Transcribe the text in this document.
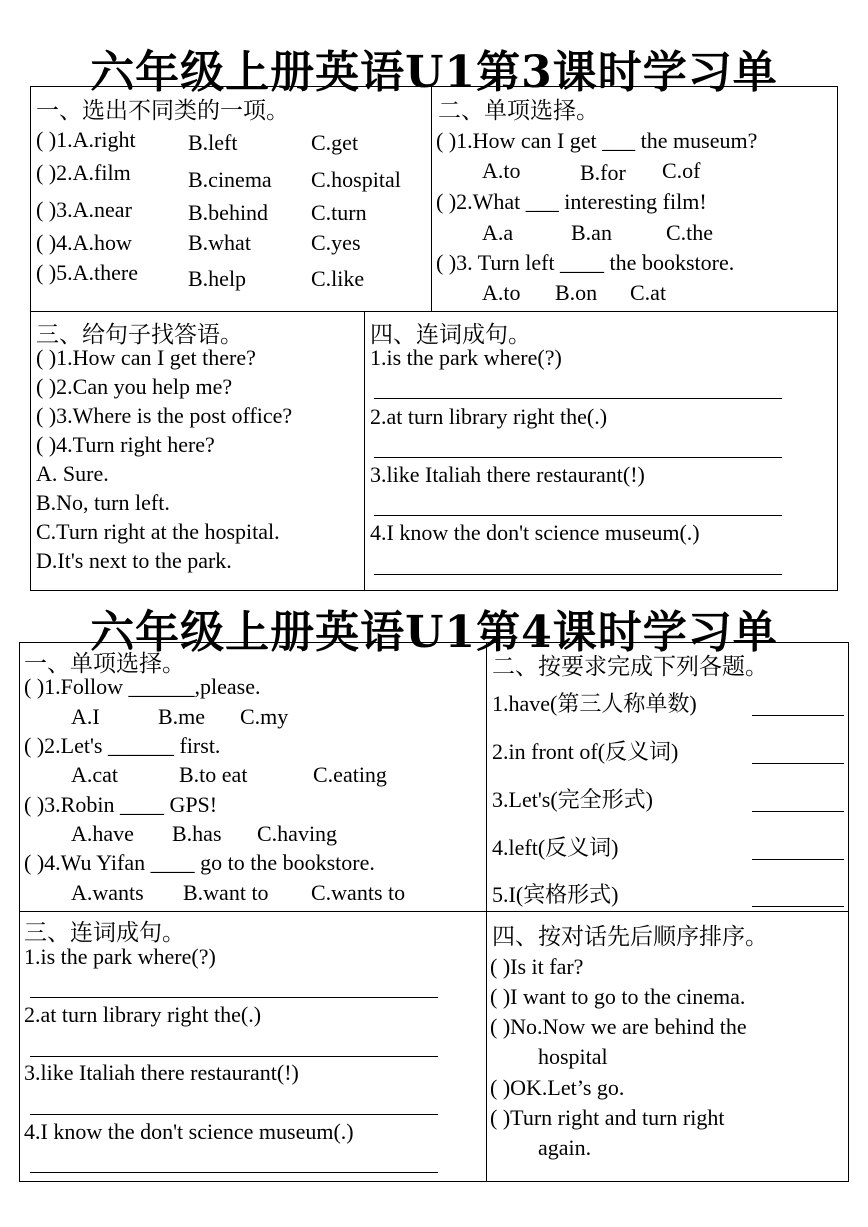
六年级上册英语U1第3课时学习单
一、选出不同类的一项。
( )1.A.right B.left	C.get
( )2.A.film	B.cinema C.hospital
( )3.A.near	B.behind C.turn
( )4.A.how	B.what	C.yes
( )5.A.there B.help	C.like
二、单项选择。
( )1.How can I get ___ the museum?
A.to	B.for C.of
( )2.What ___ interesting film!
A.a	B.an C.the
( )3. Turn left ____ the bookstore.
A.to B.on C.at
三、给句子找答语。
( )1.How can I get there?
( )2.Can you help me?
( )3.Where is the post office?
( )4.Turn right here?
A. Sure.
B.No, turn left.
C.Turn right at the hospital.
D.It's next to the park.
四、连词成句。
1.is the park where(?)
2.at turn library right the(.)
3.like Italiah there restaurant(!)
4.I know the don't science museum(.)
六年级上册英语U1第4课时学习单
一、单项选择。
( )1.Follow ______,please.
A.I	B.me C.my
( )2.Let's ______ first.
A.cat	B.to eat	C.eating
( )3.Robin ____ GPS!
A.have B.has C.having
( )4.Wu Yifan ____ go to the bookstore.
A.wants B.want to C.wants to
二、按要求完成下列各题。
1.have(第三人称单数)
2.in front of(反义词)
3.Let's(完全形式)
4.left(反义词)
5.I(宾格形式)
三、连词成句。
1.is the park where(?)
2.at turn library right the(.)
3.like Italiah there restaurant(!)
4.I know the don't science museum(.)
四、按对话先后顺序排序。
( )Is it far?
( )I want to go to the cinema.
( )No.Now we are behind the
hospital
( )OK.Let’s go.
( )Turn right and turn right
again.
